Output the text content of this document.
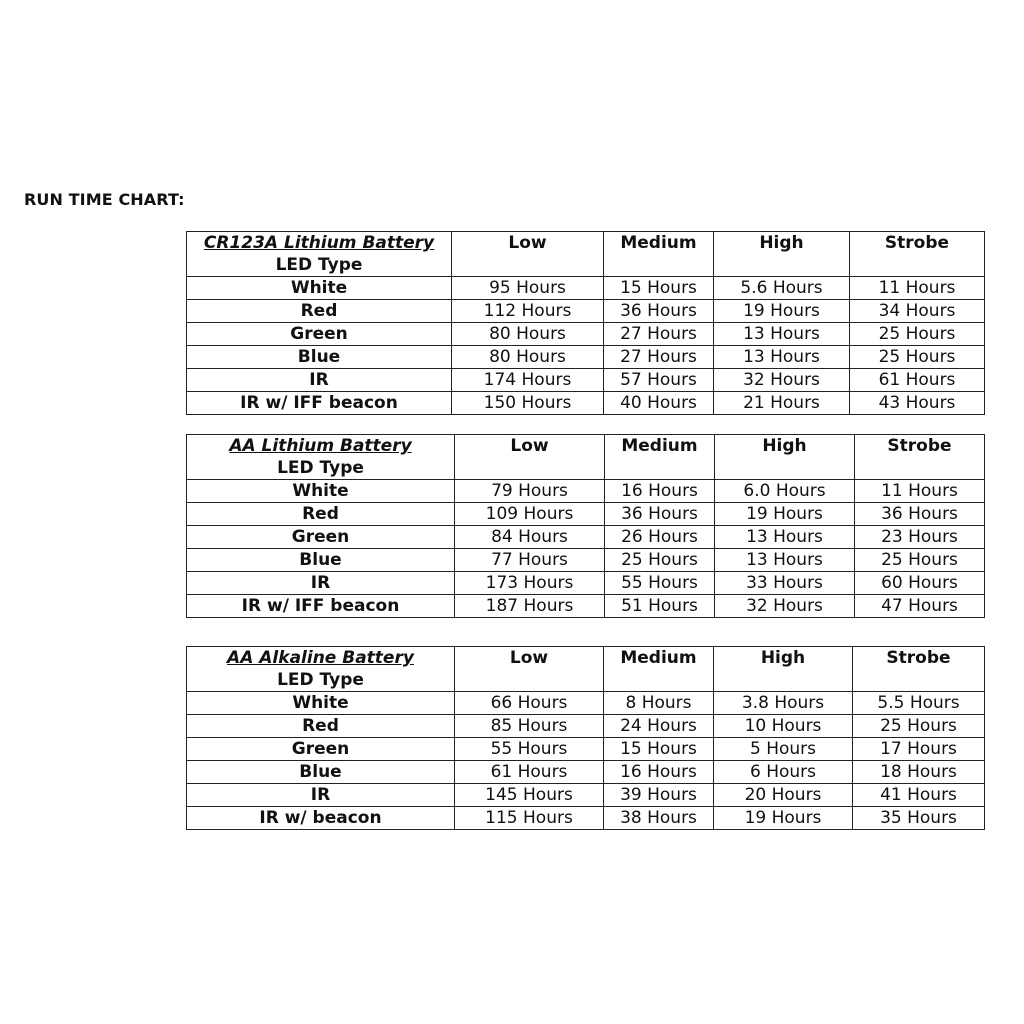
RUN TIME CHART:
CR123A Lithium Battery
LED Type	Low	Medium	High	Strobe
White	95 Hours	15 Hours	5.6 Hours	11 Hours
Red	112 Hours	36 Hours	19 Hours	34 Hours
Green	80 Hours	27 Hours	13 Hours	25 Hours
Blue	80 Hours	27 Hours	13 Hours	25 Hours
IR	174 Hours	57 Hours	32 Hours	61 Hours
IR w/ IFF beacon	150 Hours	40 Hours	21 Hours	43 Hours
AA Lithium Battery
LED Type	Low	Medium	High	Strobe
White	79 Hours	16 Hours	6.0 Hours	11 Hours
Red	109 Hours	36 Hours	19 Hours	36 Hours
Green	84 Hours	26 Hours	13 Hours	23 Hours
Blue	77 Hours	25 Hours	13 Hours	25 Hours
IR	173 Hours	55 Hours	33 Hours	60 Hours
IR w/ IFF beacon	187 Hours	51 Hours	32 Hours	47 Hours
AA Alkaline Battery
LED Type	Low	Medium	High	Strobe
White	66 Hours	8 Hours	3.8 Hours	5.5 Hours
Red	85 Hours	24 Hours	10 Hours	25 Hours
Green	55 Hours	15 Hours	5 Hours	17 Hours
Blue	61 Hours	16 Hours	6 Hours	18 Hours
IR	145 Hours	39 Hours	20 Hours	41 Hours
IR w/ beacon	115 Hours	38 Hours	19 Hours	35 Hours
